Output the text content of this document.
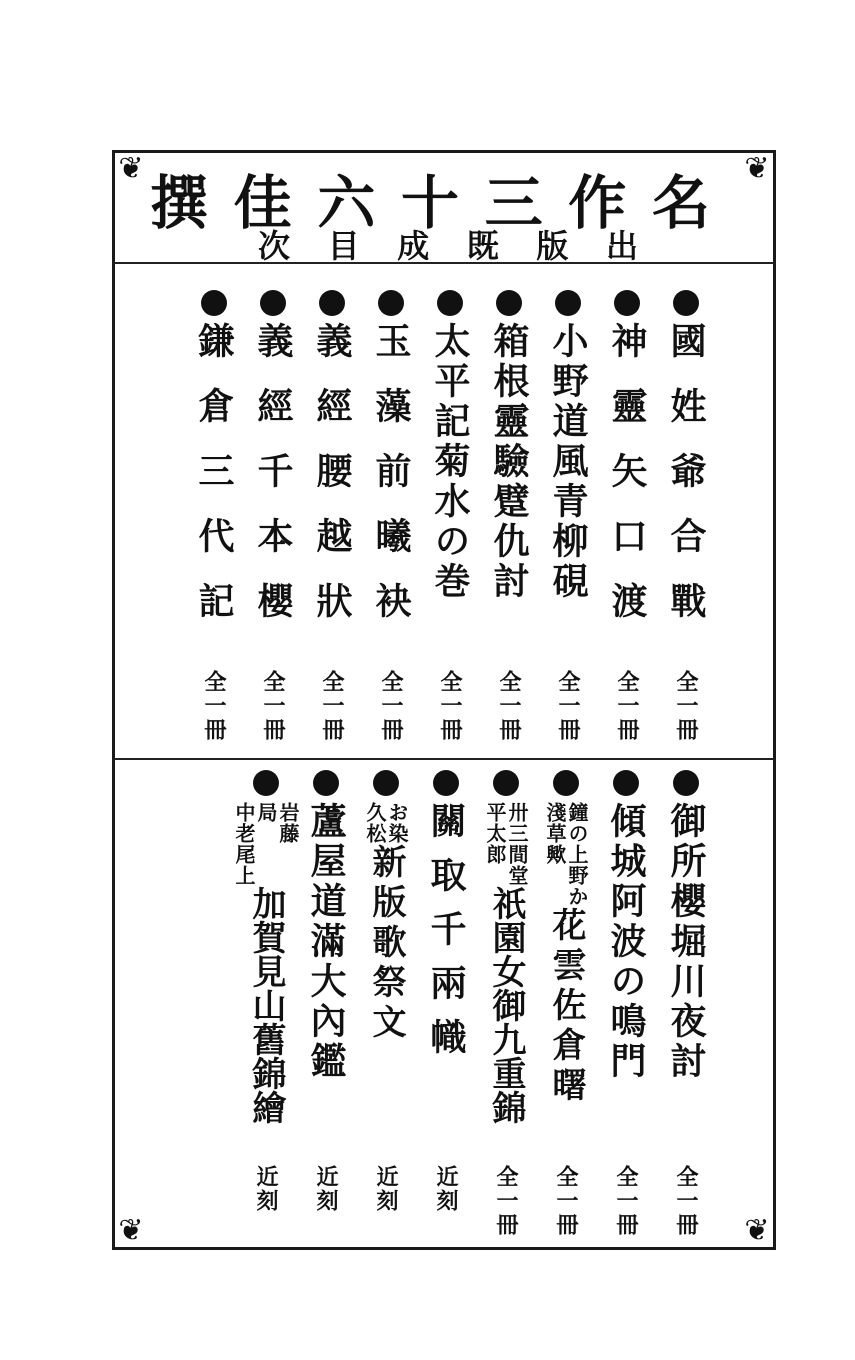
❦	❦
❦	❦
名
作
三
十
六
佳
撰
出
版
既
成
目
次
國姓爺合戰
全一冊
神靈矢口渡
全一冊
小野道風青柳硯
全一冊
箱根靈驗躄仇討
全一冊
太平記菊水の巻
全一冊
玉藻前曦袂
全一冊
義經腰越狀
全一冊
義經千本櫻
全一冊
鎌倉三代記
全一冊
御所櫻堀川夜討
全一冊
傾城阿波の鳴門
全一冊
鐘の上野か
淺草歟
花雲佐倉曙
全一冊
卅三間堂
平太郎
祇園女御九重錦
全一冊
關取千兩幟
近刻
お染
久松
新版歌祭文
近刻
蘆屋道滿大內鑑
近刻
岩藤
局
中老尾上
加賀見山舊錦繪
近刻
